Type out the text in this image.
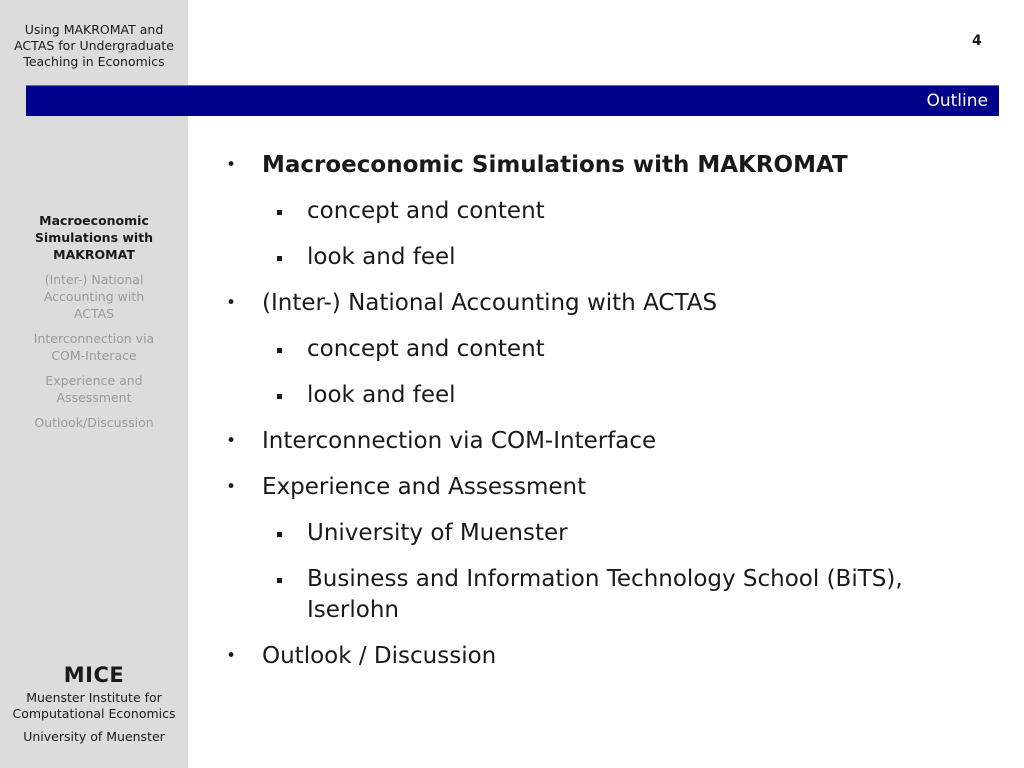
Using MAKROMAT and
ACTAS for Undergraduate
Teaching in Economics
Macroeconomic
Simulations with
MAKROMAT
(Inter-) National
Accounting with
ACTAS
Interconnection via
COM-Interace
Experience and
Assessment
Outlook/Discussion
MICE
Muenster Institute for
Computational Economics
University of Muenster
4
Outline
• Macroeconomic Simulations with MAKROMAT
concept and content
look and feel
• (Inter-) National Accounting with ACTAS
concept and content
look and feel
• Interconnection via COM-Interface
• Experience and Assessment
University of Muenster
Business and Information Technology School (BiTS),
Iserlohn
• Outlook / Discussion
